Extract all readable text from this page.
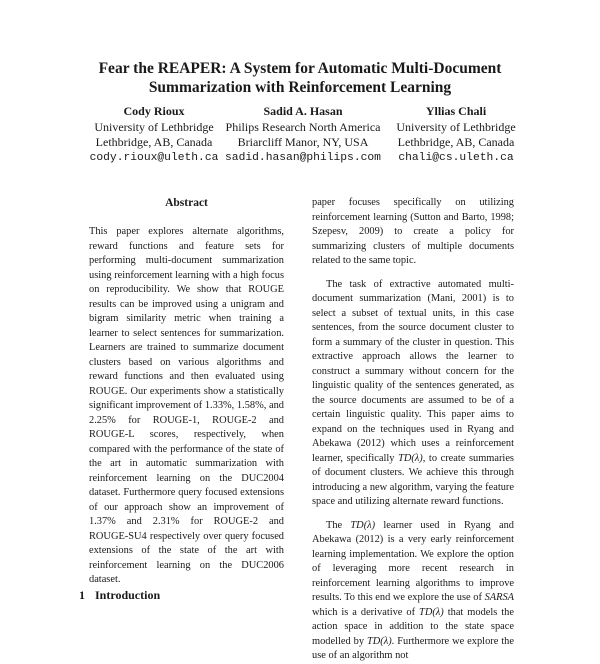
Fear the REAPER: A System for Automatic Multi-Document
Summarization with Reinforcement Learning
Cody Rioux
University of Lethbridge
Lethbridge, AB, Canada
cody.rioux@uleth.ca
Sadid A. Hasan
Philips Research North America
Briarcliff Manor, NY, USA
sadid.hasan@philips.com
Yllias Chali
University of Lethbridge
Lethbridge, AB, Canada
chali@cs.uleth.ca
Abstract

This paper explores alternate algorithms, reward functions and feature sets for performing multi-document summarization using reinforcement learning with a high focus on reproducibility. We show that ROUGE results can be improved using a unigram and bigram similarity metric when training a learner to select sentences for summarization. Learners are trained to summarize document clusters based on various algorithms and reward functions and then evaluated using ROUGE. Our experiments show a statistically significant improvement of 1.33%, 1.58%, and 2.25% for ROUGE-1, ROUGE-2 and ROUGE-L scores, respectively, when compared with the performance of the state of the art in automatic summarization with reinforcement learning on the DUC2004 dataset. Furthermore query focused extensions of our approach show an improvement of 1.37% and 2.31% for ROUGE-2 and ROUGE-SU4 respectively over query focused extensions of the state of the art with reinforcement learning on the DUC2006 dataset.

paper focuses specifically on utilizing reinforcement learning (Sutton and Barto, 1998; Szepesv, 2009) to create a policy for summarizing clusters of multiple documents related to the same topic.

The task of extractive automated multi-document summarization (Mani, 2001) is to select a subset of textual units, in this case sentences, from the source document cluster to form a summary of the cluster in question. This extractive approach allows the learner to construct a summary without concern for the linguistic quality of the sentences generated, as the source documents are assumed to be of a certain linguistic quality. This paper aims to expand on the techniques used in Ryang and Abekawa (2012) which uses a reinforcement learner, specifically TD(λ), to create summaries of document clusters. We achieve this through introducing a new algorithm, varying the feature space and utilizing alternate reward functions.

The TD(λ) learner used in Ryang and Abekawa (2012) is a very early reinforcement learning implementation. We explore the option of leveraging more recent research in reinforcement learning algorithms to improve results. To this end we explore the use of SARSA which is a derivative of TD(λ) that models the action space in addition to the state space modelled by TD(λ). Furthermore we explore the use of an algorithm not

1 Introduction
